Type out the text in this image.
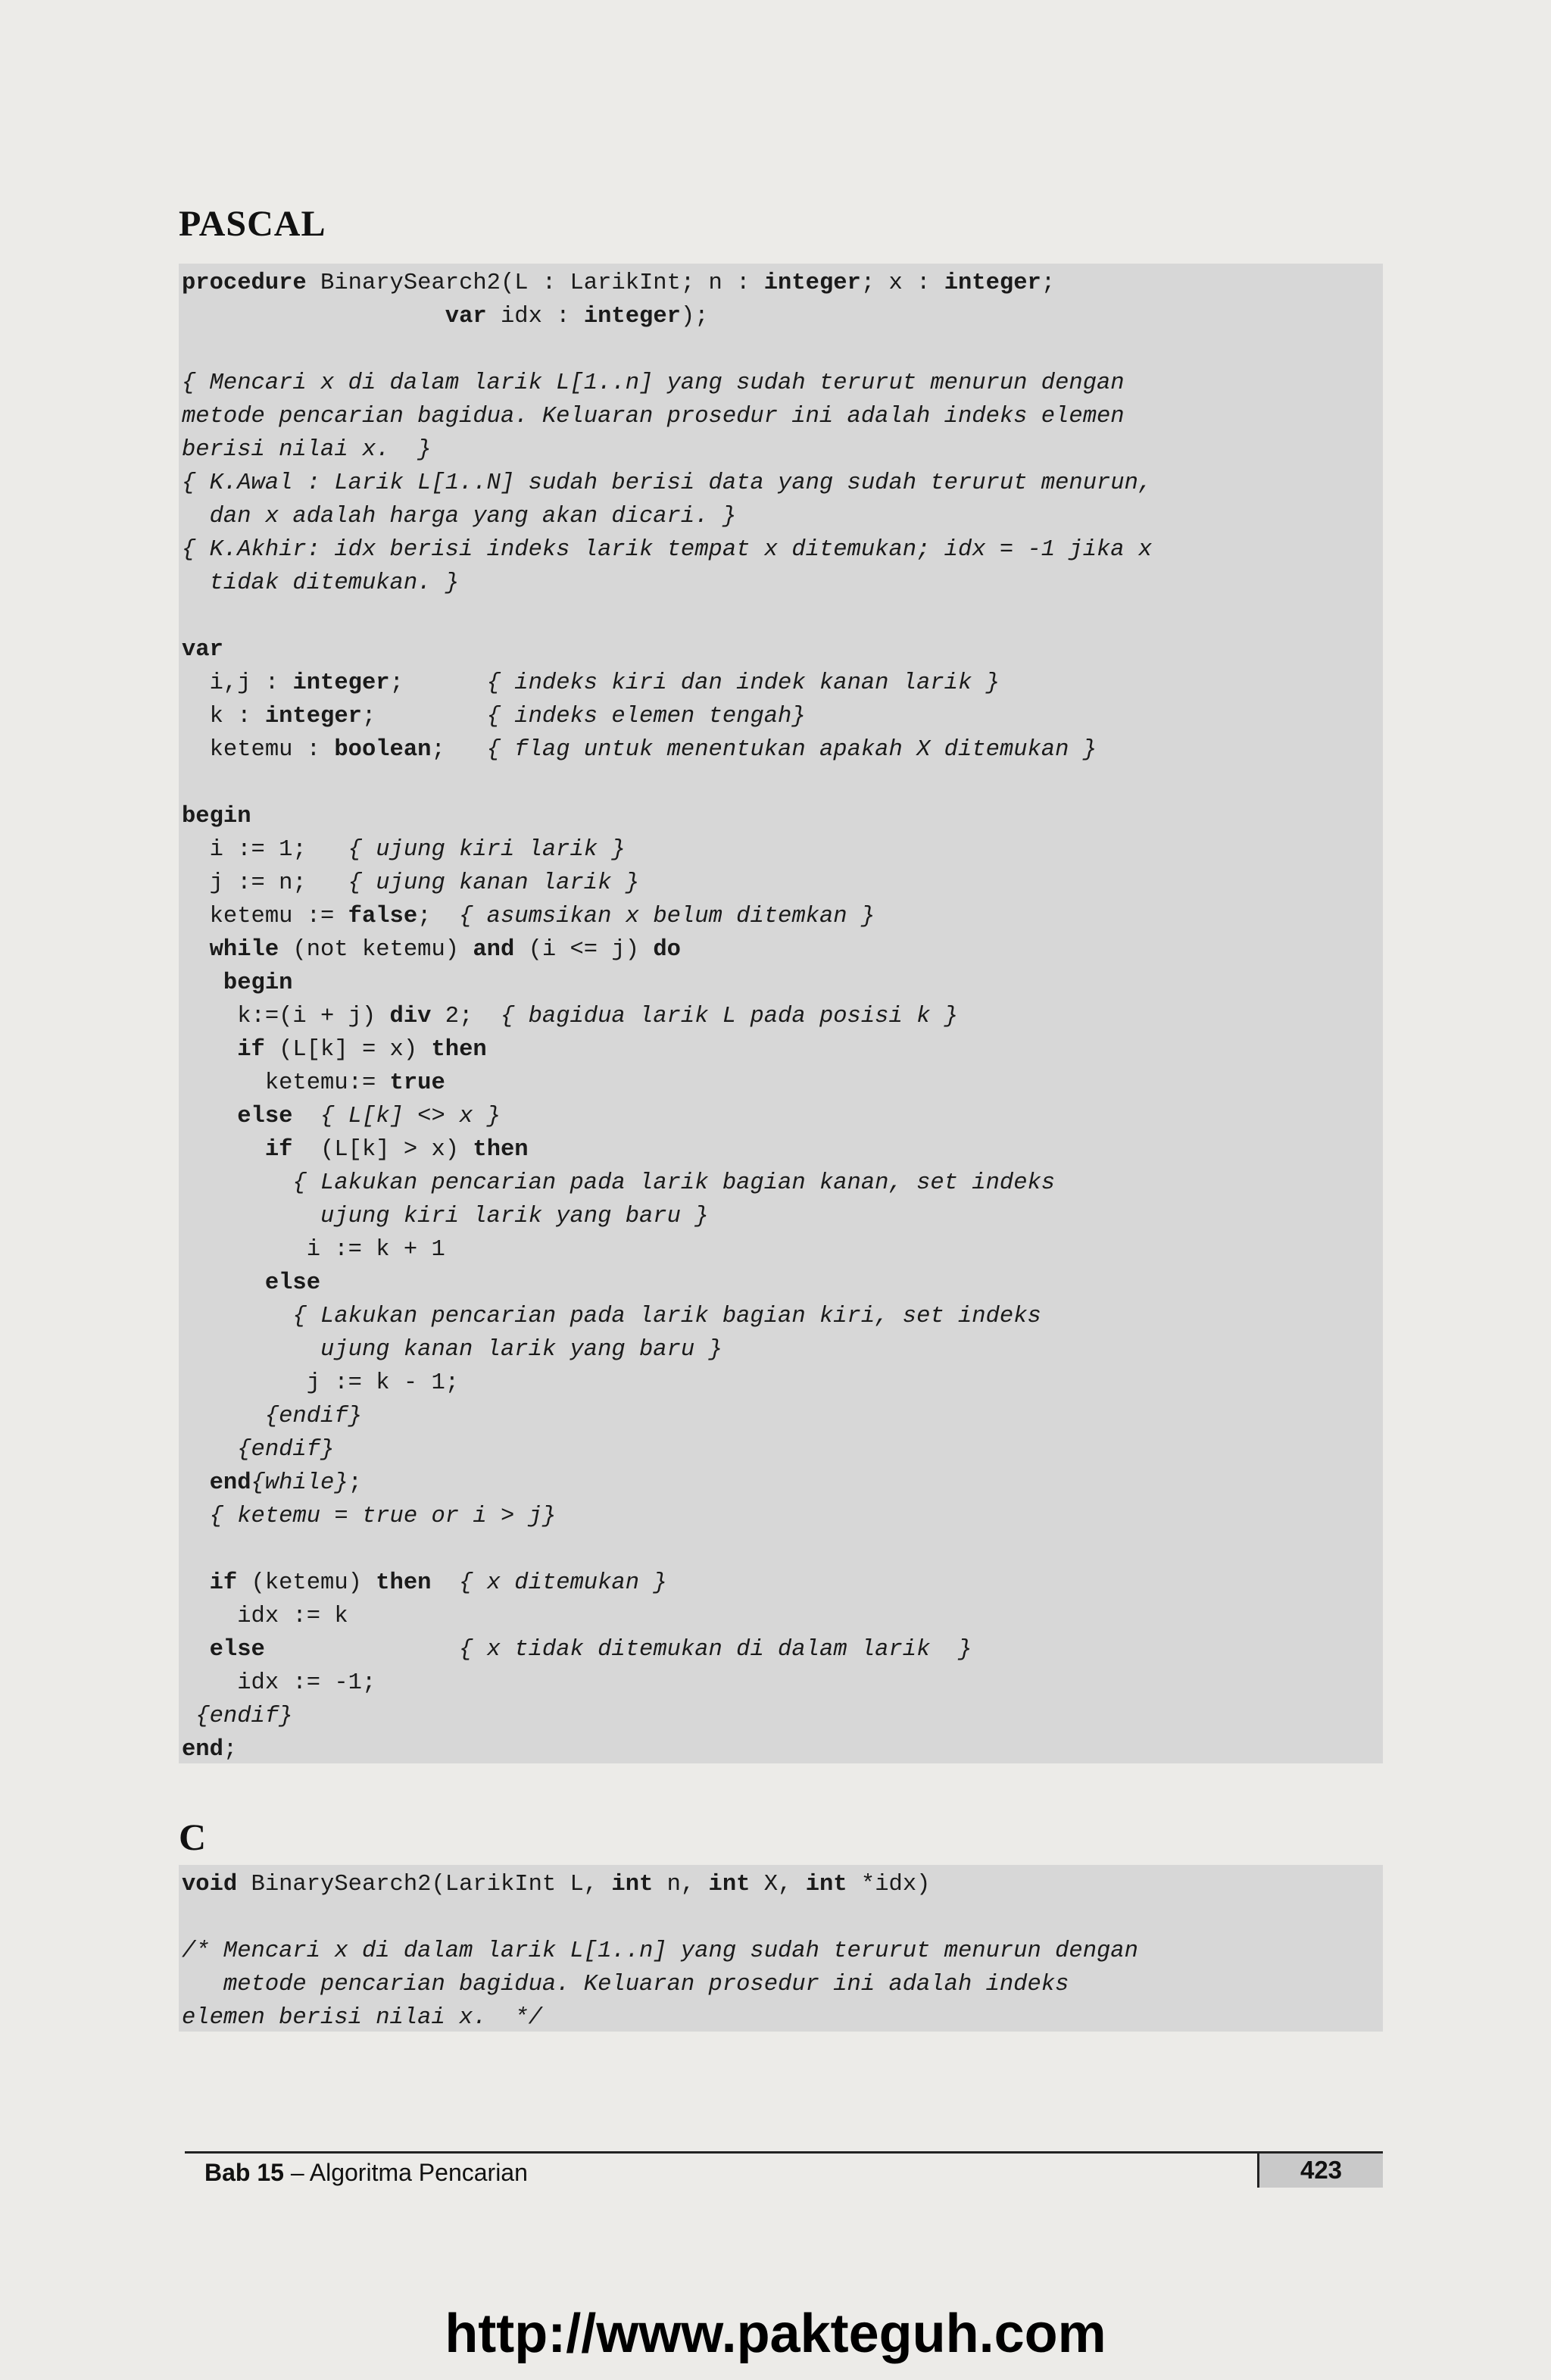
PASCAL
procedure BinarySearch2(L : LarikInt; n : integer; x : integer;
var idx : integer);

{ Mencari x di dalam larik L[1..n] yang sudah terurut menurun dengan
metode pencarian bagidua. Keluaran prosedur ini adalah indeks elemen
berisi nilai x.  }
{ K.Awal : Larik L[1..N] sudah berisi data yang sudah terurut menurun,
dan x adalah harga yang akan dicari. }
{ K.Akhir: idx berisi indeks larik tempat x ditemukan; idx = -1 jika x
tidak ditemukan. }

var
i,j : integer;      { indeks kiri dan indek kanan larik }
k : integer;        { indeks elemen tengah}
ketemu : boolean;   { flag untuk menentukan apakah X ditemukan }

begin
i := 1;   { ujung kiri larik }
j := n;   { ujung kanan larik }
ketemu := false;  { asumsikan x belum ditemkan }
while (not ketemu) and (i <= j) do
begin
k:=(i + j) div 2;  { bagidua larik L pada posisi k }
if (L[k] = x) then
ketemu:= true
else { L[k] <> x }
if  (L[k] > x) then
{ Lakukan pencarian pada larik bagian kanan, set indeks
ujung kiri larik yang baru }
i := k + 1
else
{ Lakukan pencarian pada larik bagian kiri, set indeks
ujung kanan larik yang baru }
j := k - 1;
{endif}
{endif}
end{while};
{ ketemu = true or i > j}

if (ketemu) then { x ditemukan }
idx := k
else	{ x tidak ditemukan di dalam larik  }
idx := -1;
{endif}
end;
C
void BinarySearch2(LarikInt L, int n, int X, int *idx)

/* Mencari x di dalam larik L[1..n] yang sudah terurut menurun dengan
metode pencarian bagidua. Keluaran prosedur ini adalah indeks
elemen berisi nilai x.  */
Bab 15 – Algoritma Pencarian	423
http://www.pakteguh.com
